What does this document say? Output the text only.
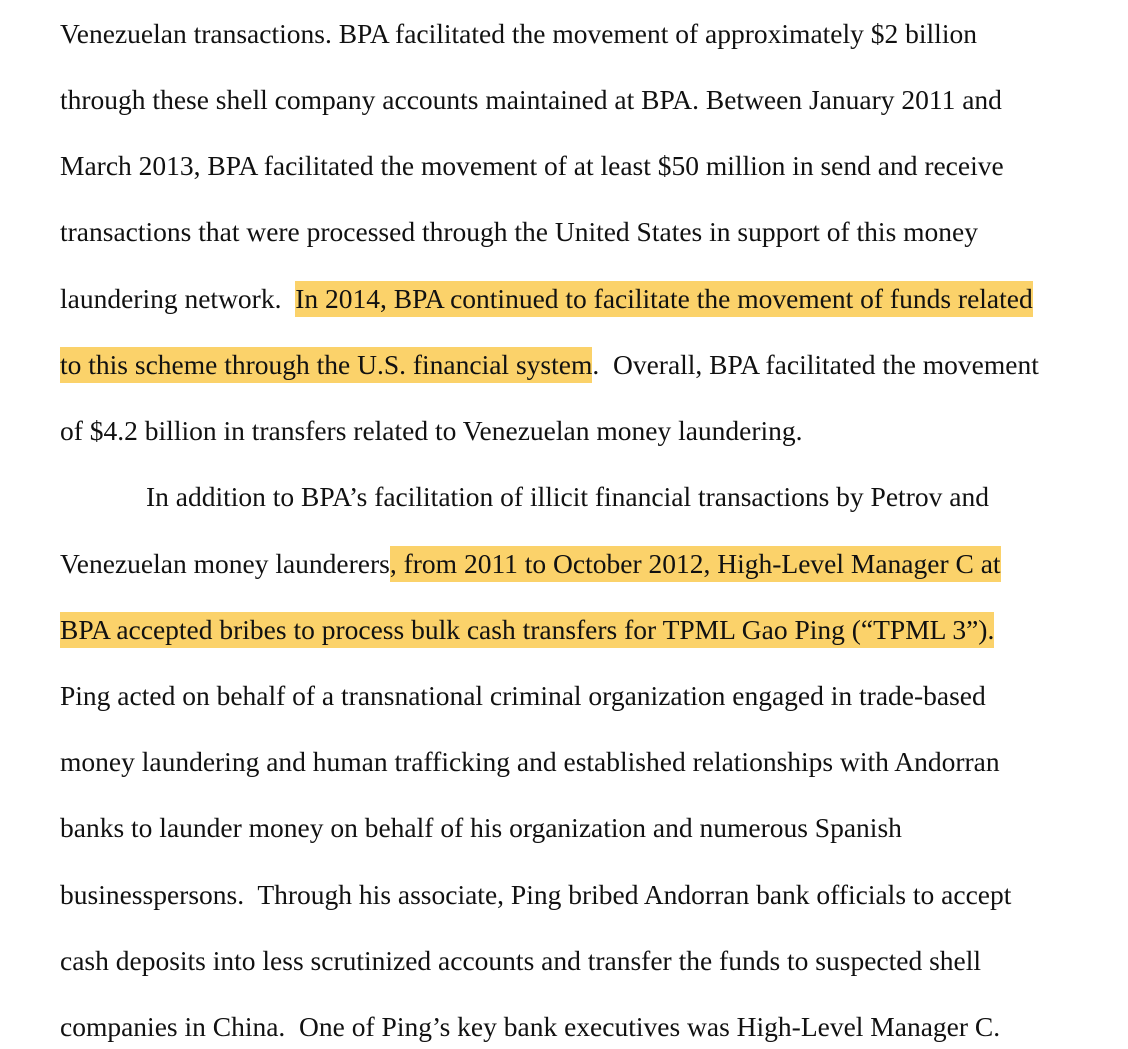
Venezuelan transactions. BPA facilitated the movement of approximately $2 billion

through these shell company accounts maintained at BPA. Between January 2011 and

March 2013, BPA facilitated the movement of at least $50 million in send and receive

transactions that were processed through the United States in support of this money

laundering network.  In 2014, BPA continued to facilitate the movement of funds related

to this scheme through the U.S. financial system.  Overall, BPA facilitated the movement

of $4.2 billion in transfers related to Venezuelan money laundering.

In addition to BPA’s facilitation of illicit financial transactions by Petrov and

Venezuelan money launderers, from 2011 to October 2012, High-Level Manager C at

BPA accepted bribes to process bulk cash transfers for TPML Gao Ping (“TPML 3”).

Ping acted on behalf of a transnational criminal organization engaged in trade-based

money laundering and human trafficking and established relationships with Andorran

banks to launder money on behalf of his organization and numerous Spanish

businesspersons.  Through his associate, Ping bribed Andorran bank officials to accept

cash deposits into less scrutinized accounts and transfer the funds to suspected shell

companies in China.  One of Ping’s key bank executives was High-Level Manager C.
